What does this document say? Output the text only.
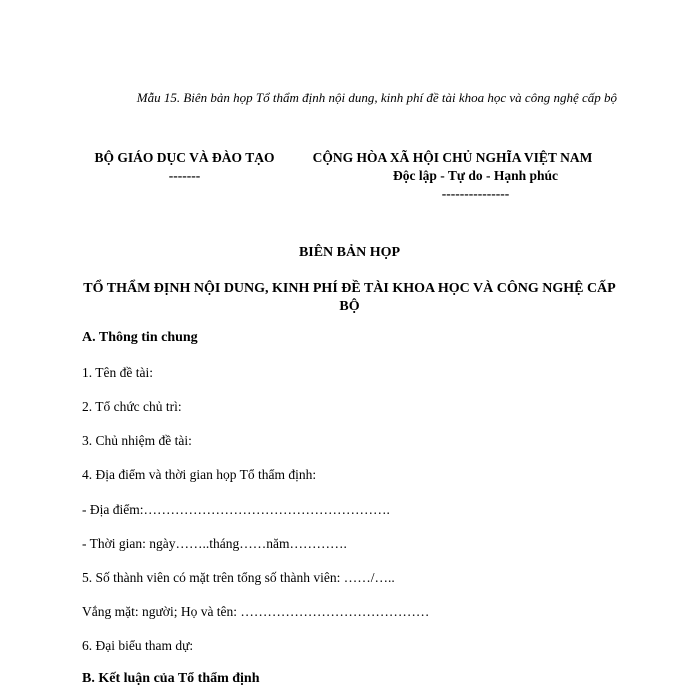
Mẫu 15. Biên bản họp Tổ thẩm định nội dung, kinh phí đề tài khoa học và công nghệ cấp bộ
BỘ GIÁO DỤC VÀ ĐÀO TẠO
-------
CỘNG HÒA XÃ HỘI CHỦ NGHĨA VIỆT NAM
Độc lập - Tự do - Hạnh phúc
---------------
BIÊN BẢN HỌP
TỔ THẨM ĐỊNH NỘI DUNG, KINH PHÍ ĐỀ TÀI KHOA HỌC VÀ CÔNG NGHỆ CẤP BỘ
A. Thông tin chung
1. Tên đề tài:
2. Tổ chức chủ trì:
3. Chủ nhiệm đề tài:
4. Địa điểm và thời gian họp Tổ thẩm định:
- Địa điểm:……………………………………………….
- Thời gian: ngày……..tháng……năm………….
5. Số thành viên có mặt trên tổng số thành viên: ……/…..
Vắng mặt: người; Họ và tên: ……………………………………
6. Đại biểu tham dự:
B. Kết luận của Tổ thẩm định
